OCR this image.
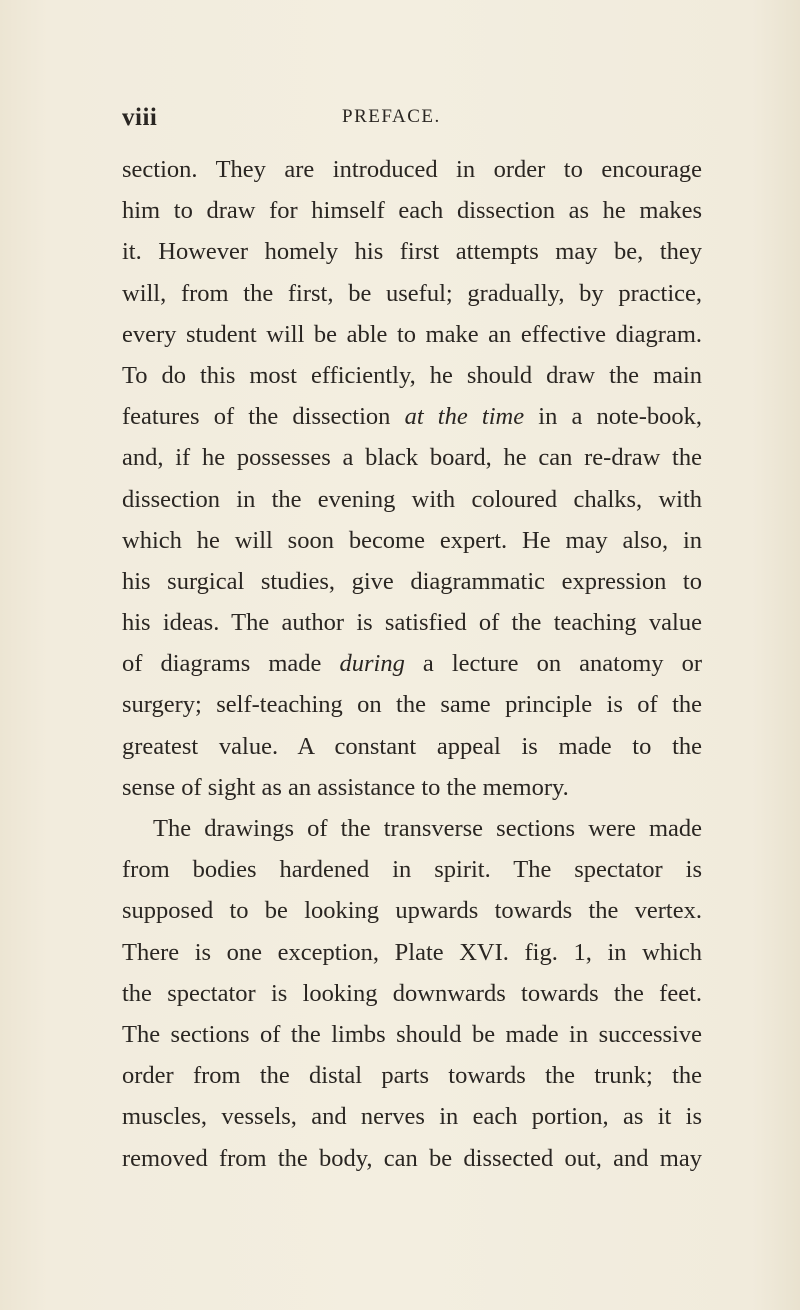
viii	PREFACE.
section. They are introduced in order to encourage
him to draw for himself each dissection as he makes
it. However homely his first attempts may be, they
will, from the first, be useful; gradually, by practice,
every student will be able to make an effective diagram.
To do this most efficiently, he should draw the main
features of the dissection at the time in a note-book,
and, if he possesses a black board, he can re-draw the
dissection in the evening with coloured chalks, with
which he will soon become expert. He may also, in
his surgical studies, give diagrammatic expression to
his ideas. The author is satisfied of the teaching value
of diagrams made during a lecture on anatomy or
surgery; self-teaching on the same principle is of the
greatest value. A constant appeal is made to the
sense of sight as an assistance to the memory.
The drawings of the transverse sections were made
from bodies hardened in spirit. The spectator is
supposed to be looking upwards towards the vertex.
There is one exception, Plate XVI. fig. 1, in which
the spectator is looking downwards towards the feet.
The sections of the limbs should be made in successive
order from the distal parts towards the trunk; the
muscles, vessels, and nerves in each portion, as it is
removed from the body, can be dissected out, and may
